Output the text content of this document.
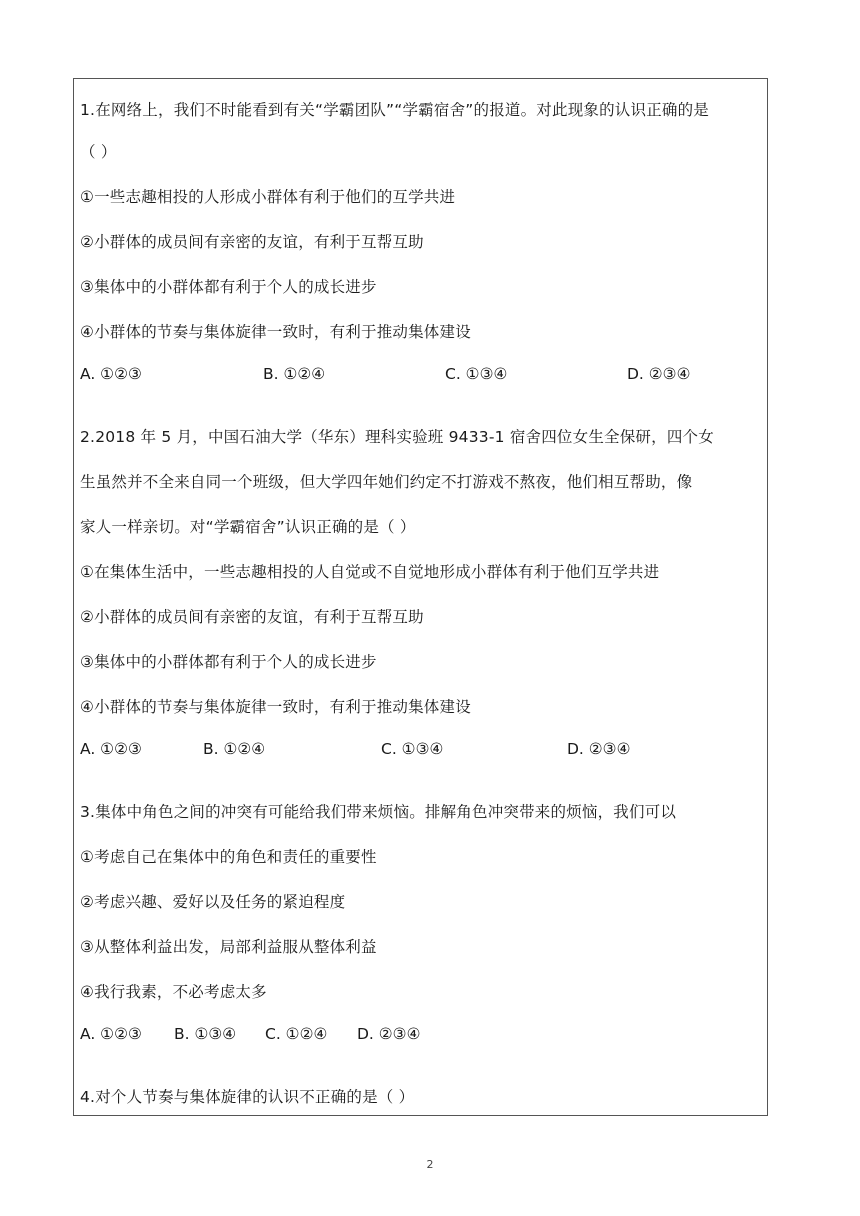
1.在网络上，我们不时能看到有关“学霸团队”“学霸宿舍”的报道。对此现象的认识正确的是
（ ）
①一些志趣相投的人形成小群体有利于他们的互学共进
②小群体的成员间有亲密的友谊，有利于互帮互助
③集体中的小群体都有利于个人的成长进步
④小群体的节奏与集体旋律一致时，有利于推动集体建设
A. ①②③	B. ①②④	C. ①③④	D. ②③④
2.2018 年 5 月，中国石油大学（华东）理科实验班 9433-1 宿舍四位女生全保研，四个女
生虽然并不全来自同一个班级，但大学四年她们约定不打游戏不熬夜，他们相互帮助，像
家人一样亲切。对“学霸宿舍”认识正确的是（ ）
①在集体生活中，一些志趣相投的人自觉或不自觉地形成小群体有利于他们互学共进
②小群体的成员间有亲密的友谊，有利于互帮互助
③集体中的小群体都有利于个人的成长进步
④小群体的节奏与集体旋律一致时，有利于推动集体建设
A. ①②③	B. ①②④	C. ①③④	D. ②③④
3.集体中角色之间的冲突有可能给我们带来烦恼。排解角色冲突带来的烦恼，我们可以
①考虑自己在集体中的角色和责任的重要性
②考虑兴趣、爱好以及任务的紧迫程度
③从整体利益出发，局部利益服从整体利益
④我行我素，不必考虑太多
A. ①②③ B. ①③④ C. ①②④ D. ②③④
4.对个人节奏与集体旋律的认识不正确的是（ ）
2
